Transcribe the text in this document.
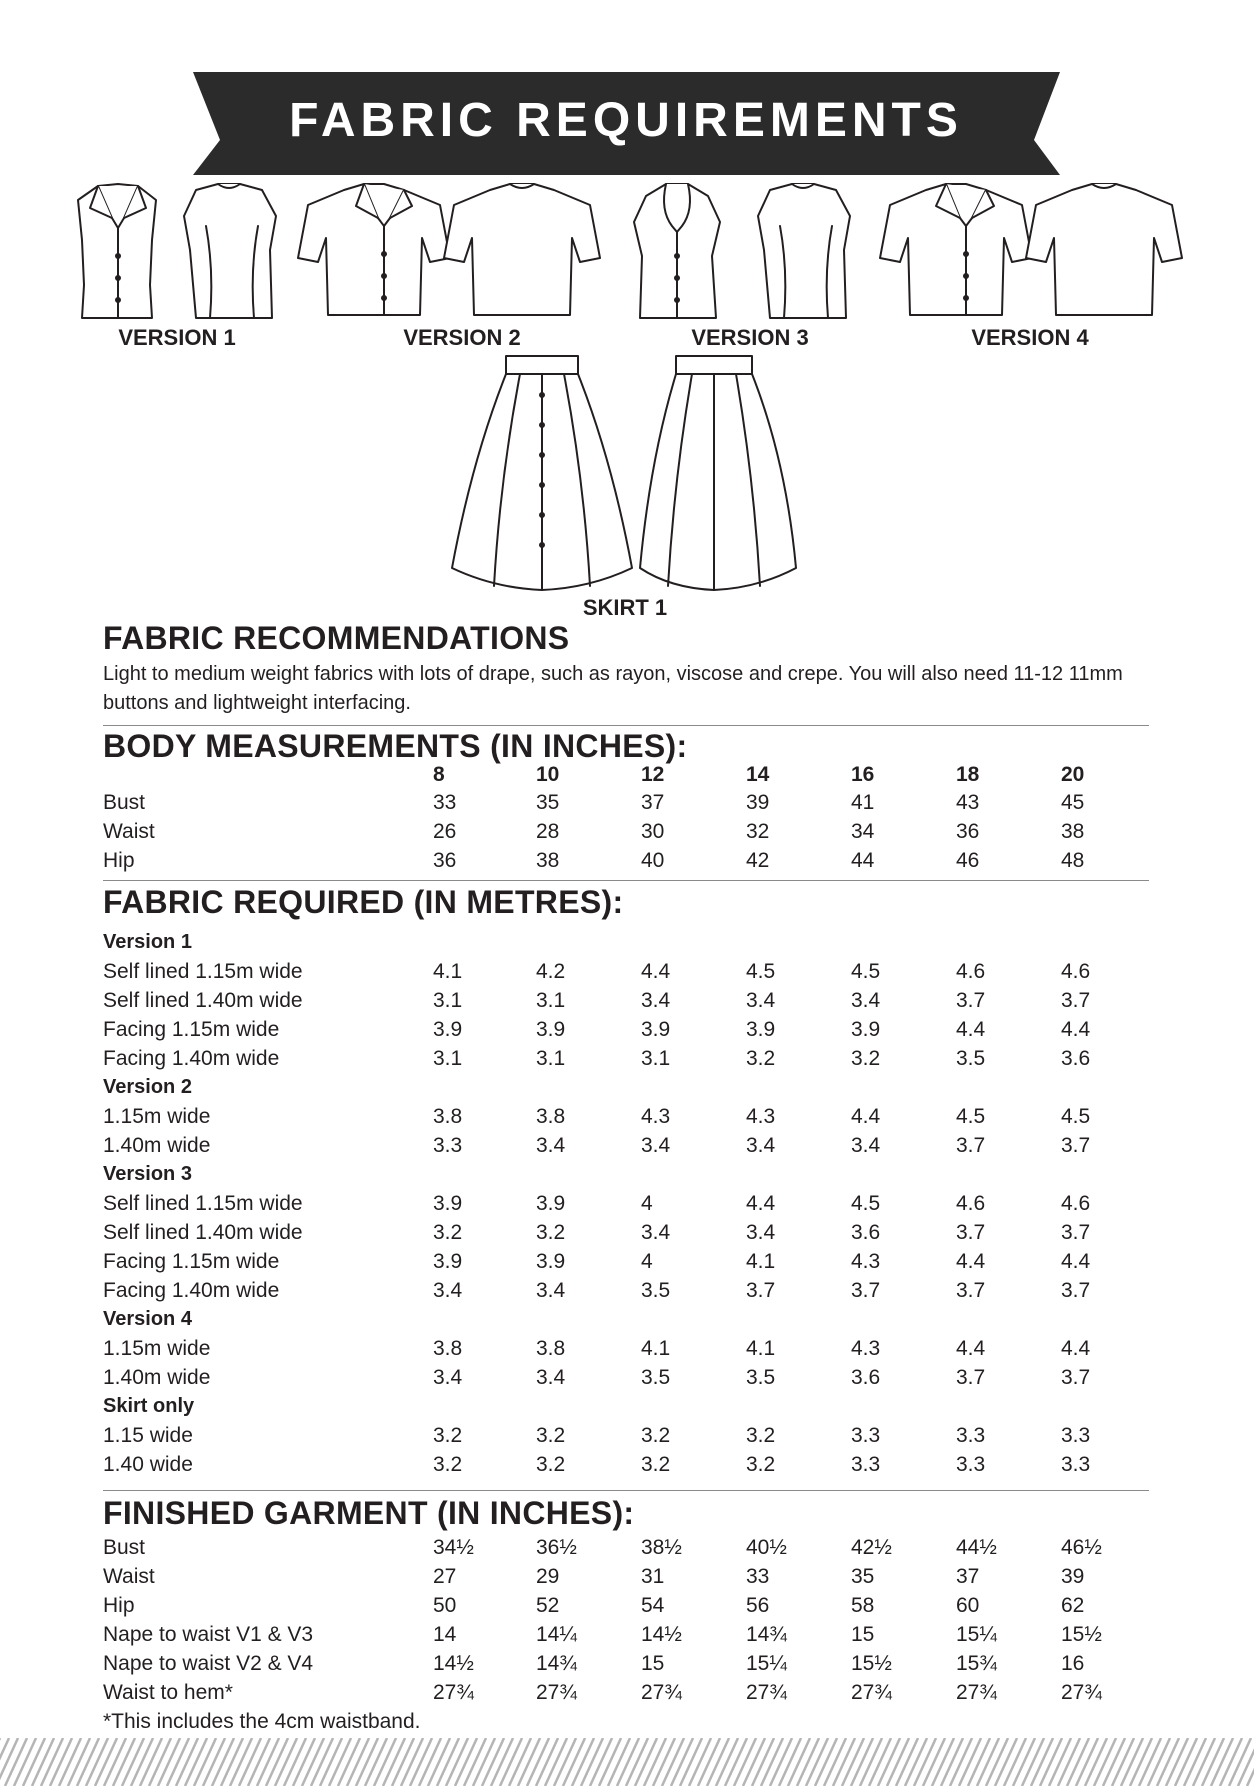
FABRIC REQUIREMENTS
VERSION 1	VERSION 2	VERSION 3	VERSION 4
SKIRT 1
FABRIC RECOMMENDATIONS
Light to medium weight fabrics with lots of drape, such as rayon, viscose and crepe. You will also need 11-12 11mm buttons and lightweight interfacing.
BODY MEASUREMENTS (IN INCHES):
8	10	12	14	16	18	20
Bust	33	35	37	39	41	43	45
Waist	26	28	30	32	34	36	38
Hip	36	38	40	42	44	46	48
FABRIC REQUIRED (IN METRES):
Version 1
Self lined 1.15m wide	4.1	4.2	4.4	4.5	4.5	4.6	4.6
Self lined 1.40m wide	3.1	3.1	3.4	3.4	3.4	3.7	3.7
Facing 1.15m wide	3.9	3.9	3.9	3.9	3.9	4.4	4.4
Facing 1.40m wide	3.1	3.1	3.1	3.2	3.2	3.5	3.6
Version 2
1.15m wide	3.8	3.8	4.3	4.3	4.4	4.5	4.5
1.40m wide	3.3	3.4	3.4	3.4	3.4	3.7	3.7
Version 3
Self lined 1.15m wide	3.9	3.9	4	4.4	4.5	4.6	4.6
Self lined 1.40m wide	3.2	3.2	3.4	3.4	3.6	3.7	3.7
Facing 1.15m wide	3.9	3.9	4	4.1	4.3	4.4	4.4
Facing 1.40m wide	3.4	3.4	3.5	3.7	3.7	3.7	3.7
Version 4
1.15m wide	3.8	3.8	4.1	4.1	4.3	4.4	4.4
1.40m wide	3.4	3.4	3.5	3.5	3.6	3.7	3.7
Skirt only
1.15 wide	3.2	3.2	3.2	3.2	3.3	3.3	3.3
1.40 wide	3.2	3.2	3.2	3.2	3.3	3.3	3.3
FINISHED GARMENT (IN INCHES):
Bust	34½	36½	38½	40½	42½	44½	46½
Waist	27	29	31	33	35	37	39
Hip	50	52	54	56	58	60	62
Nape to waist V1 & V3	14	14¼	14½	14¾	15	15¼	15½
Nape to waist V2 & V4	14½	14¾	15	15¼	15½	15¾	16
Waist to hem*	27¾	27¾	27¾	27¾	27¾	27¾	27¾
*This includes the 4cm waistband.
